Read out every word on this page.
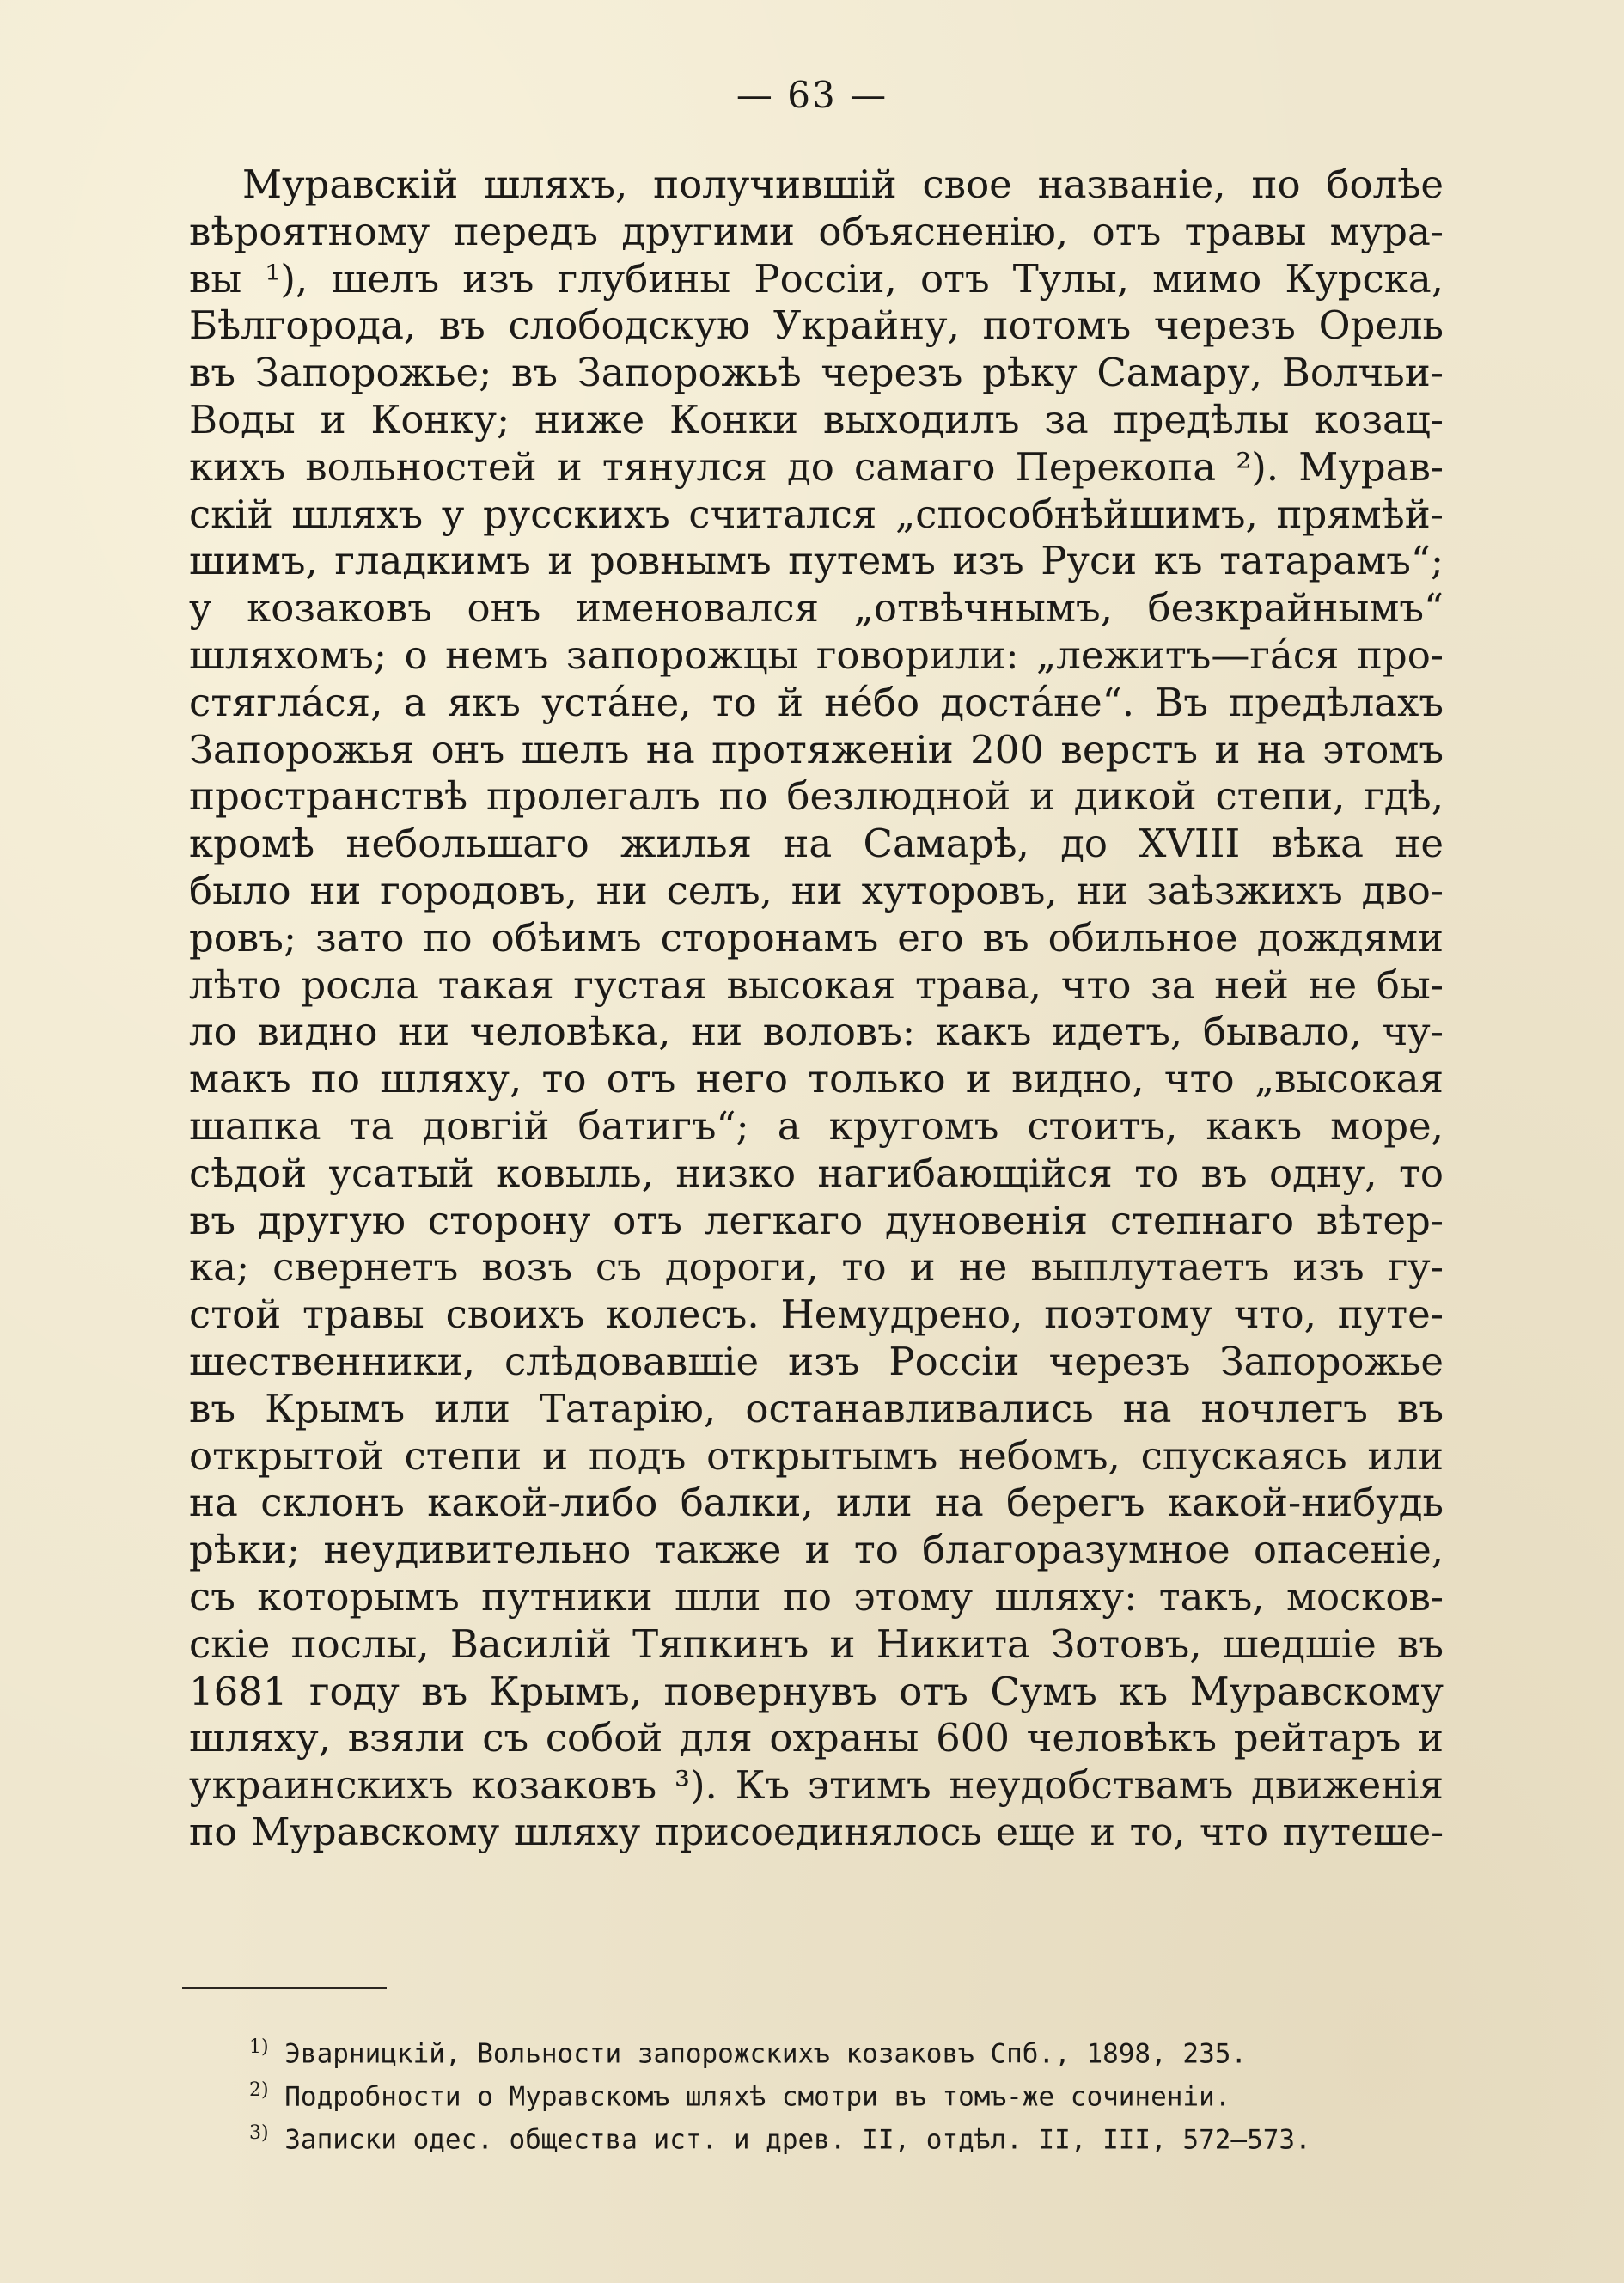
— 63 —
Муравскій шляхъ, получившій свое названіе, по болѣе
вѣроятному передъ другими объясненію, отъ травы мура-
вы ¹), шелъ изъ глубины Россіи, отъ Тулы, мимо Курска,
Бѣлгорода, въ слободскую Украйну, потомъ черезъ Орель
въ Запорожье; въ Запорожьѣ черезъ рѣку Самару, Волчьи-
Воды и Конку; ниже Конки выходилъ за предѣлы козац-
кихъ вольностей и тянулся до самаго Перекопа ²). Мурав-
скій шляхъ у русскихъ считался „способнѣйшимъ, прямѣй-
шимъ, гладкимъ и ровнымъ путемъ изъ Руси къ татарамъ“;
у козаковъ онъ именовался „отвѣчнымъ, безкрайнымъ“
шляхомъ; о немъ запорожцы говорили: „лежитъ—гáся про-
стягла́ся, а якъ устáне, то й нéбо достáне“. Въ предѣлахъ
Запорожья онъ шелъ на протяженіи 200 верстъ и на этомъ
пространствѣ пролегалъ по безлюдной и дикой степи, гдѣ,
кромѣ небольшаго жилья на Самарѣ, до XVIII вѣка не
было ни городовъ, ни селъ, ни хуторовъ, ни заѣзжихъ дво-
ровъ; зато по обѣимъ сторонамъ его въ обильное дождями
лѣто росла такая густая высокая трава, что за ней не бы-
ло видно ни человѣка, ни воловъ: какъ идетъ, бывало, чу-
макъ по шляху, то отъ него только и видно, что „высокая
шапка та довгій батигъ“; а кругомъ стоитъ, какъ море,
сѣдой усатый ковыль, низко нагибающійся то въ одну, то
въ другую сторону отъ легкаго дуновенія степнаго вѣтер-
ка; свернетъ возъ съ дороги, то и не выплутаетъ изъ гу-
стой травы своихъ колесъ. Немудрено, поэтому что, путе-
шественники, слѣдовавшіе изъ Россіи черезъ Запорожье
въ Крымъ или Татарію, останавливались на ночлегъ въ
открытой степи и подъ открытымъ небомъ, спускаясь или
на склонъ какой-либо балки, или на берегъ какой-нибудь
рѣки; неудивительно также и то благоразумное опасеніе,
съ которымъ путники шли по этому шляху: такъ, москов-
скіе послы, Василій Тяпкинъ и Никита Зотовъ, шедшіе въ
1681 году въ Крымъ, повернувъ отъ Сумъ къ Муравскому
шляху, взяли съ собой для охраны 600 человѣкъ рейтаръ и
украинскихъ козаковъ ³). Къ этимъ неудобствамъ движенія
по Муравскому шляху присоединялось еще и то, что путеше-
$^{1)}$ Эварницкій, Вольности запорожскихъ козаковъ Спб., 1898, 235.
$^{2)}$ Подробности о Муравскомъ шляхѣ смотри въ томъ-же сочиненіи.
$^{3)}$ Записки одес. общества ист. и древ. II, отдѣл. II, III, 572—573.
